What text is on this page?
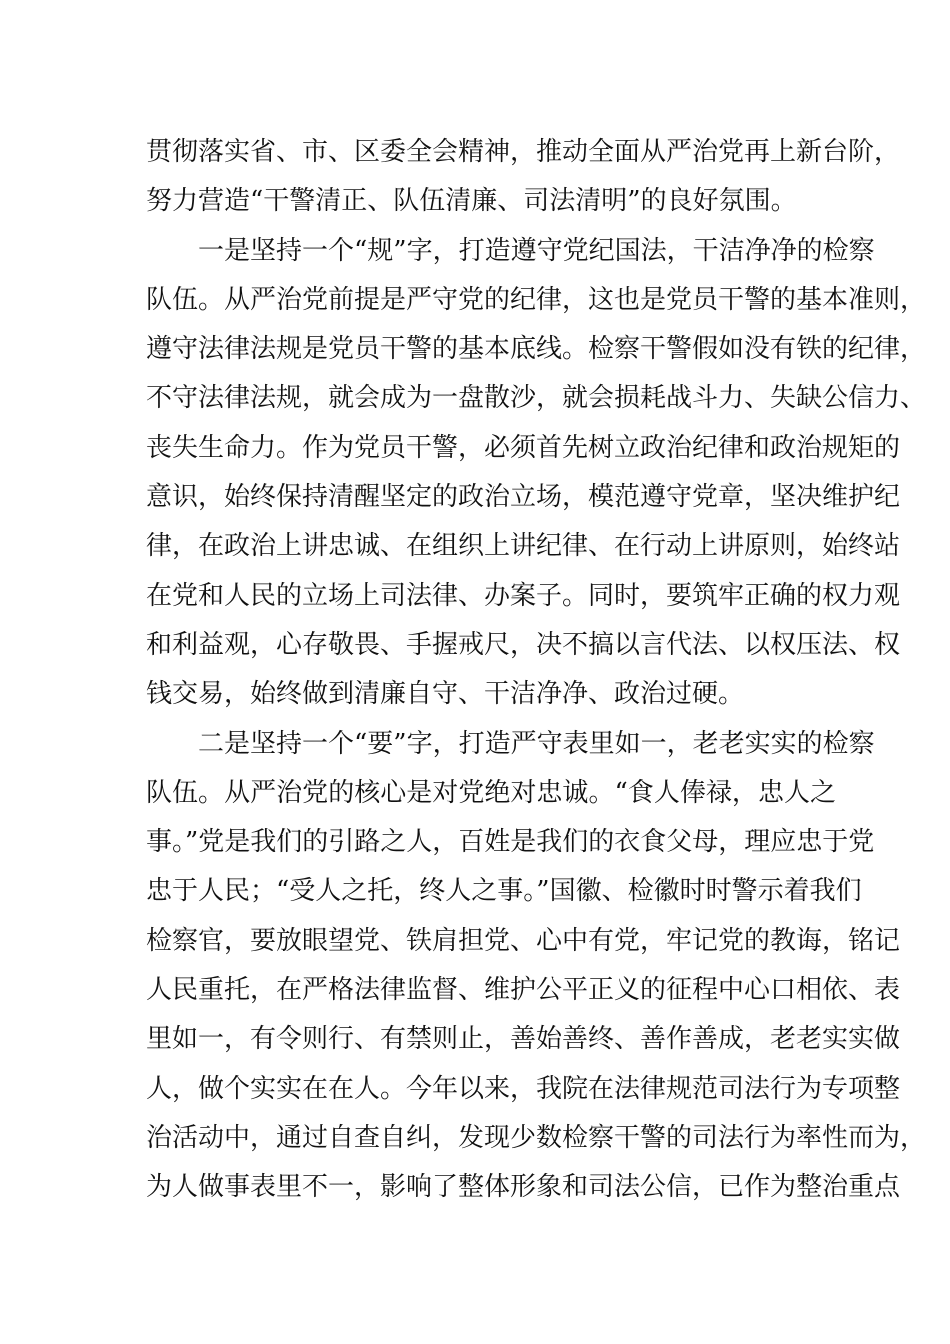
贯彻落实省、市、区委全会精神，推动全面从严治党再上新台阶，
努力营造“干警清正、队伍清廉、司法清明”的良好氛围。
一是坚持一个“规”字，打造遵守党纪国法，干洁净净的检察
队伍。从严治党前提是严守党的纪律，这也是党员干警的基本准则，
遵守法律法规是党员干警的基本底线。检察干警假如没有铁的纪律，
不守法律法规，就会成为一盘散沙，就会损耗战斗力、失缺公信力、
丧失生命力。作为党员干警，必须首先树立政治纪律和政治规矩的
意识，始终保持清醒坚定的政治立场，模范遵守党章，坚决维护纪
律，在政治上讲忠诚、在组织上讲纪律、在行动上讲原则，始终站
在党和人民的立场上司法律、办案子。同时，要筑牢正确的权力观
和利益观，心存敬畏、手握戒尺，决不搞以言代法、以权压法、权
钱交易，始终做到清廉自守、干洁净净、政治过硬。
二是坚持一个“要”字，打造严守表里如一，老老实实的检察
队伍。从严治党的核心是对党绝对忠诚。“食人俸禄，忠人之
事。”党是我们的引路之人，百姓是我们的衣食父母，理应忠于党
忠于人民；“受人之托，终人之事。”国徽、检徽时时警示着我们
检察官，要放眼望党、铁肩担党、心中有党，牢记党的教诲，铭记
人民重托，在严格法律监督、维护公平正义的征程中心口相依、表
里如一，有令则行、有禁则止，善始善终、善作善成，老老实实做
人，做个实实在在人。今年以来，我院在法律规范司法行为专项整
治活动中，通过自查自纠，发现少数检察干警的司法行为率性而为，
为人做事表里不一，影响了整体形象和司法公信，已作为整治重点
